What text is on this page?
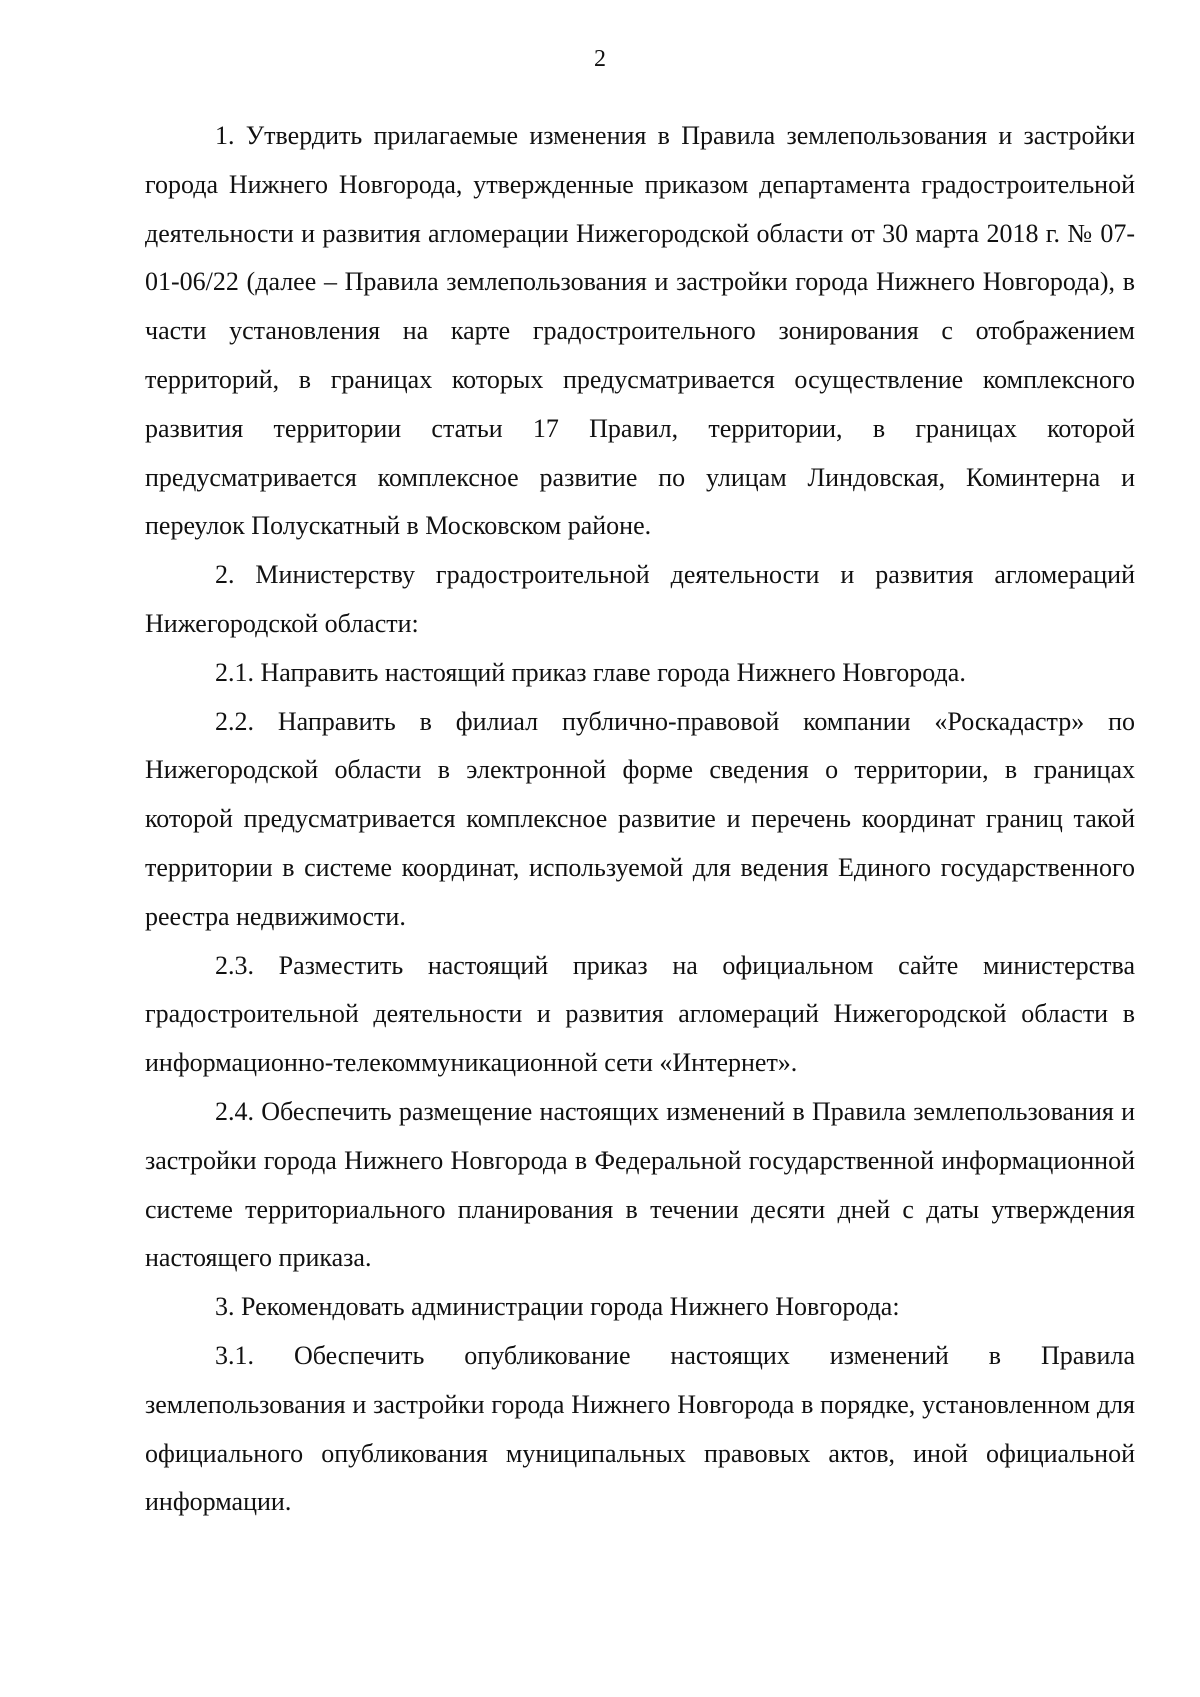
2

1. Утвердить прилагаемые изменения в Правила землепользования и застройки города Нижнего Новгорода, утвержденные приказом департамента градостроительной деятельности и развития агломерации Нижегородской области от 30 марта 2018 г. № 07-01-06/22 (далее – Правила землепользования и застройки города Нижнего Новгорода), в части установления на карте градостроительного зонирования с отображением территорий, в границах которых предусматривается осуществление комплексного развития территории статьи 17 Правил, территории, в границах которой предусматривается комплексное развитие по улицам Линдовская, Коминтерна и переулок Полускатный в Московском районе.

2. Министерству градостроительной деятельности и развития агломераций Нижегородской области:

2.1. Направить настоящий приказ главе города Нижнего Новгорода.

2.2. Направить в филиал публично-правовой компании «Роскадастр» по Нижегородской области в электронной форме сведения о территории, в границах которой предусматривается комплексное развитие и перечень координат границ такой территории в системе координат, используемой для ведения Единого государственного реестра недвижимости.

2.3. Разместить настоящий приказ на официальном сайте министерства градостроительной деятельности и развития агломераций Нижегородской области в информационно-телекоммуникационной сети «Интернет».

2.4. Обеспечить размещение настоящих изменений в Правила землепользования и застройки города Нижнего Новгорода в Федеральной государственной информационной системе территориального планирования в течении десяти дней с даты утверждения настоящего приказа.

3. Рекомендовать администрации города Нижнего Новгорода:

3.1. Обеспечить опубликование настоящих изменений в Правила землепользования и застройки города Нижнего Новгорода в порядке, установленном для официального опубликования муниципальных правовых актов, иной официальной информации.
